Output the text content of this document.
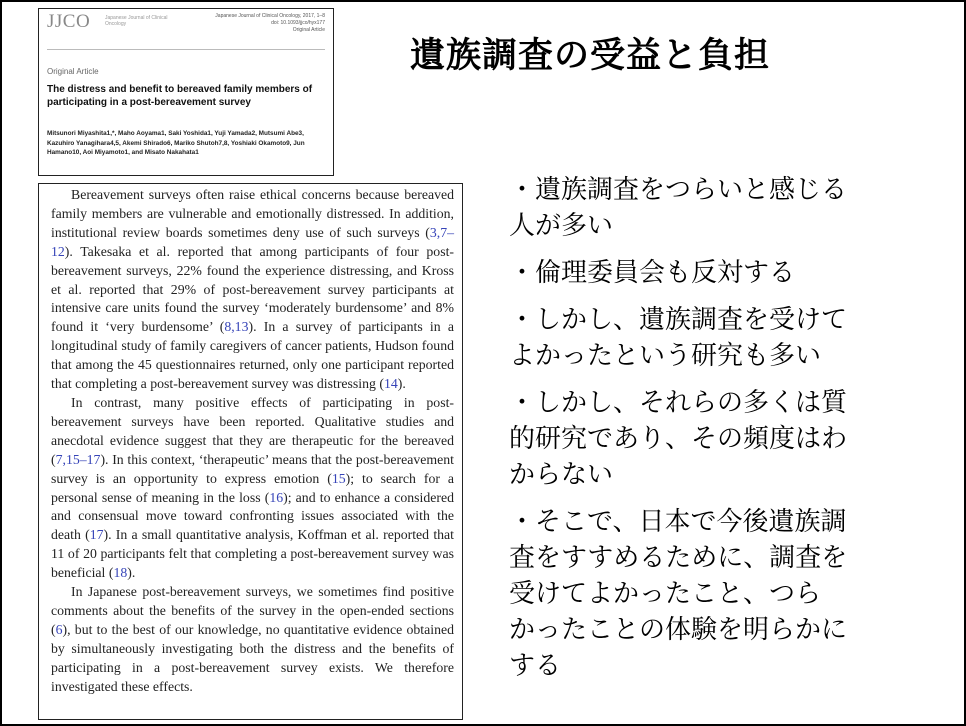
JJCO	Japanese Journal of Clinical Oncology
Japanese Journal of Clinical Oncology, 2017, 1–8
doi: 10.1093/jjco/hyx177
Original Article
Original Article
The distress and benefit to bereaved family members of participating in a post-bereavement survey
Mitsunori Miyashita1,*, Maho Aoyama1, Saki Yoshida1, Yuji Yamada2, Mutsumi Abe3, Kazuhiro Yanagihara4,5, Akemi Shirado6, Mariko Shutoh7,8, Yoshiaki Okamoto9, Jun Hamano10, Aoi Miyamoto1, and Misato Nakahata1
遺族調査の受益と負担

Bereavement surveys often raise ethical concerns because bereaved family members are vulnerable and emotionally distressed. In addition, institutional review boards sometimes deny use of such surveys (3,7–12). Takesaka et al. reported that among participants of four post-bereavement surveys, 22% found the experience distressing, and Kross et al. reported that 29% of post-bereavement survey participants at intensive care units found the survey ‘moderately burdensome’ and 8% found it ‘very burdensome’ (8,13). In a survey of participants in a longitudinal study of family caregivers of cancer patients, Hudson found that among the 45 questionnaires returned, only one participant reported that completing a post-bereavement survey was distressing (14).

In contrast, many positive effects of participating in post-bereavement surveys have been reported. Qualitative studies and anecdotal evidence suggest that they are therapeutic for the bereaved (7,15–17). In this context, ‘therapeutic’ means that the post-bereavement survey is an opportunity to express emotion (15); to search for a personal sense of meaning in the loss (16); and to enhance a considered and consensual move toward confronting issues associated with the death (17). In a small quantitative analysis, Koffman et al. reported that 11 of 20 participants felt that completing a post-bereavement survey was beneficial (18).

In Japanese post-bereavement surveys, we sometimes find positive comments about the benefits of the survey in the open-ended sections (6), but to the best of our knowledge, no quantitative evidence obtained by simultaneously investigating both the distress and the benefits of participating in a post-bereavement survey exists. We therefore investigated these effects.

・遺族調査をつらいと感じる
人が多い
・倫理委員会も反対する
・しかし、遺族調査を受けて
よかったという研究も多い
・しかし、それらの多くは質
的研究であり、その頻度はわ
からない
・そこで、日本で今後遺族調
査をすすめるために、調査を
受けてよかったこと、つら
かったことの体験を明らかに
する
